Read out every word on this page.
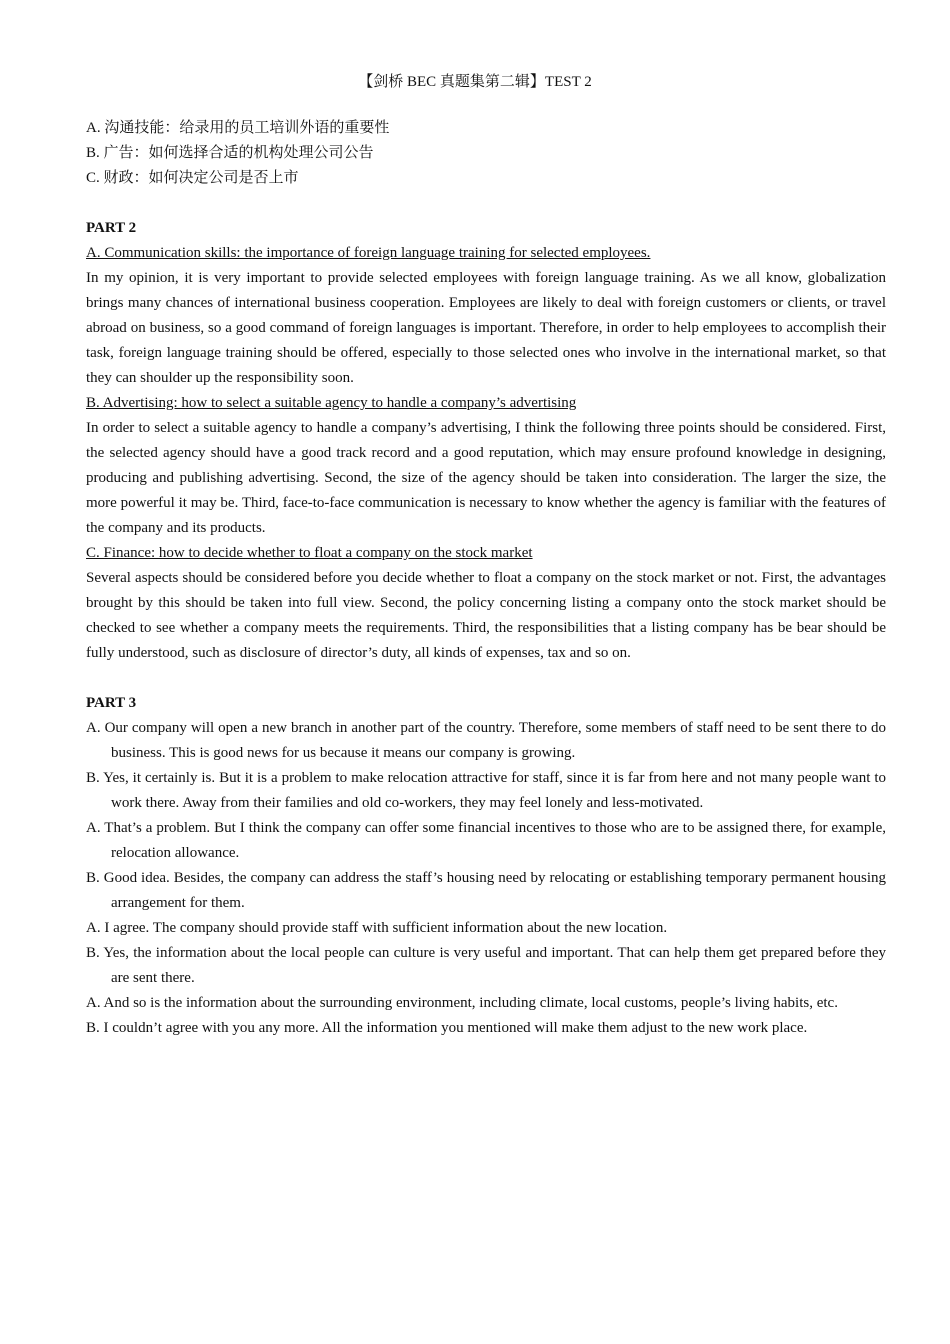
【剑桥 BEC 真题集第二辑】TEST 2

A. 沟通技能：给录用的员工培训外语的重要性

B. 广告：如何选择合适的机构处理公司公告

C. 财政：如何决定公司是否上市

PART 2

A. Communication skills: the importance of foreign language training for selected employees.

In my opinion, it is very important to provide selected employees with foreign language training. As we all know, globalization brings many chances of international business cooperation. Employees are likely to deal with foreign customers or clients, or travel abroad on business, so a good command of foreign languages is important. Therefore, in order to help employees to accomplish their task, foreign language training should be offered, especially to those selected ones who involve in the international market, so that they can shoulder up the responsibility soon.

B. Advertising: how to select a suitable agency to handle a company’s advertising

In order to select a suitable agency to handle a company’s advertising, I think the following three points should be considered. First, the selected agency should have a good track record and a good reputation, which may ensure profound knowledge in designing, producing and publishing advertising. Second, the size of the agency should be taken into consideration. The larger the size, the more powerful it may be. Third, face-to-face communication is necessary to know whether the agency is familiar with the features of the company and its products.

C. Finance: how to decide whether to float a company on the stock market

Several aspects should be considered before you decide whether to float a company on the stock market or not. First, the advantages brought by this should be taken into full view. Second, the policy concerning listing a company onto the stock market should be checked to see whether a company meets the requirements. Third, the responsibilities that a listing company has be bear should be fully understood, such as disclosure of director’s duty, all kinds of expenses, tax and so on.

PART 3

A. Our company will open a new branch in another part of the country. Therefore, some members of staff need to be sent there to do business. This is good news for us because it means our company is growing.

B. Yes, it certainly is. But it is a problem to make relocation attractive for staff, since it is far from here and not many people want to work there. Away from their families and old co-workers, they may feel lonely and less-motivated.

A. That’s a problem. But I think the company can offer some financial incentives to those who are to be assigned there, for example, relocation allowance.

B. Good idea. Besides, the company can address the staff’s housing need by relocating or establishing temporary permanent housing arrangement for them.

A. I agree. The company should provide staff with sufficient information about the new location.

B. Yes, the information about the local people can culture is very useful and important. That can help them get prepared before they are sent there.

A. And so is the information about the surrounding environment, including climate, local customs, people’s living habits, etc.

B. I couldn’t agree with you any more. All the information you mentioned will make them adjust to the new work place.
